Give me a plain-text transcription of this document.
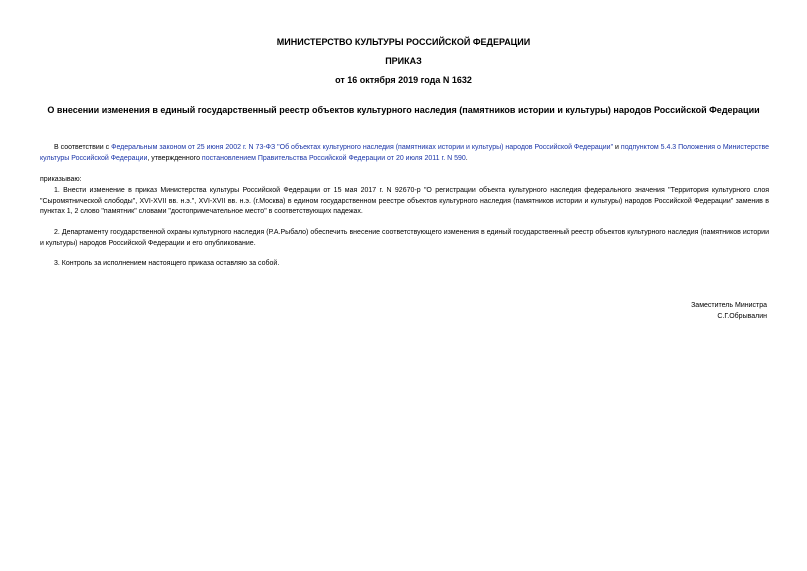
МИНИСТЕРСТВО КУЛЬТУРЫ РОССИЙСКОЙ ФЕДЕРАЦИИ
ПРИКАЗ
от 16 октября 2019 года N 1632
О внесении изменения в единый государственный реестр объектов культурного наследия (памятников истории и культуры) народов Российской Федерации
В соответствии с Федеральным законом от 25 июня 2002 г. N 73-ФЗ "Об объектах культурного наследия (памятниках истории и культуры) народов Российской Федерации" и подпунктом 5.4.3 Положения о Министерстве культуры Российской Федерации, утвержденного постановлением Правительства Российской Федерации от 20 июля 2011 г. N 590.
приказываю:
1. Внести изменение в приказ Министерства культуры Российской Федерации от 15 мая 2017 г. N 92670-р "О регистрации объекта культурного наследия федерального значения "Территория культурного слоя "Сыромятнической слободы", XVI-XVII вв. н.э.", XVI-XVII вв. н.э. (г.Москва) в едином государственном реестре объектов культурного наследия (памятников истории и культуры) народов Российской Федерации" заменив в пунктах 1, 2 слово "памятник" словами "достопримечательное место" в соответствующих падежах.
2. Департаменту государственной охраны культурного наследия (Р.А.Рыбало) обеспечить внесение соответствующего изменения в единый государственный реестр объектов культурного наследия (памятников истории и культуры) народов Российской Федерации и его опубликование.
3. Контроль за исполнением настоящего приказа оставляю за собой.
Заместитель Министра
С.Г.Обрывалин
